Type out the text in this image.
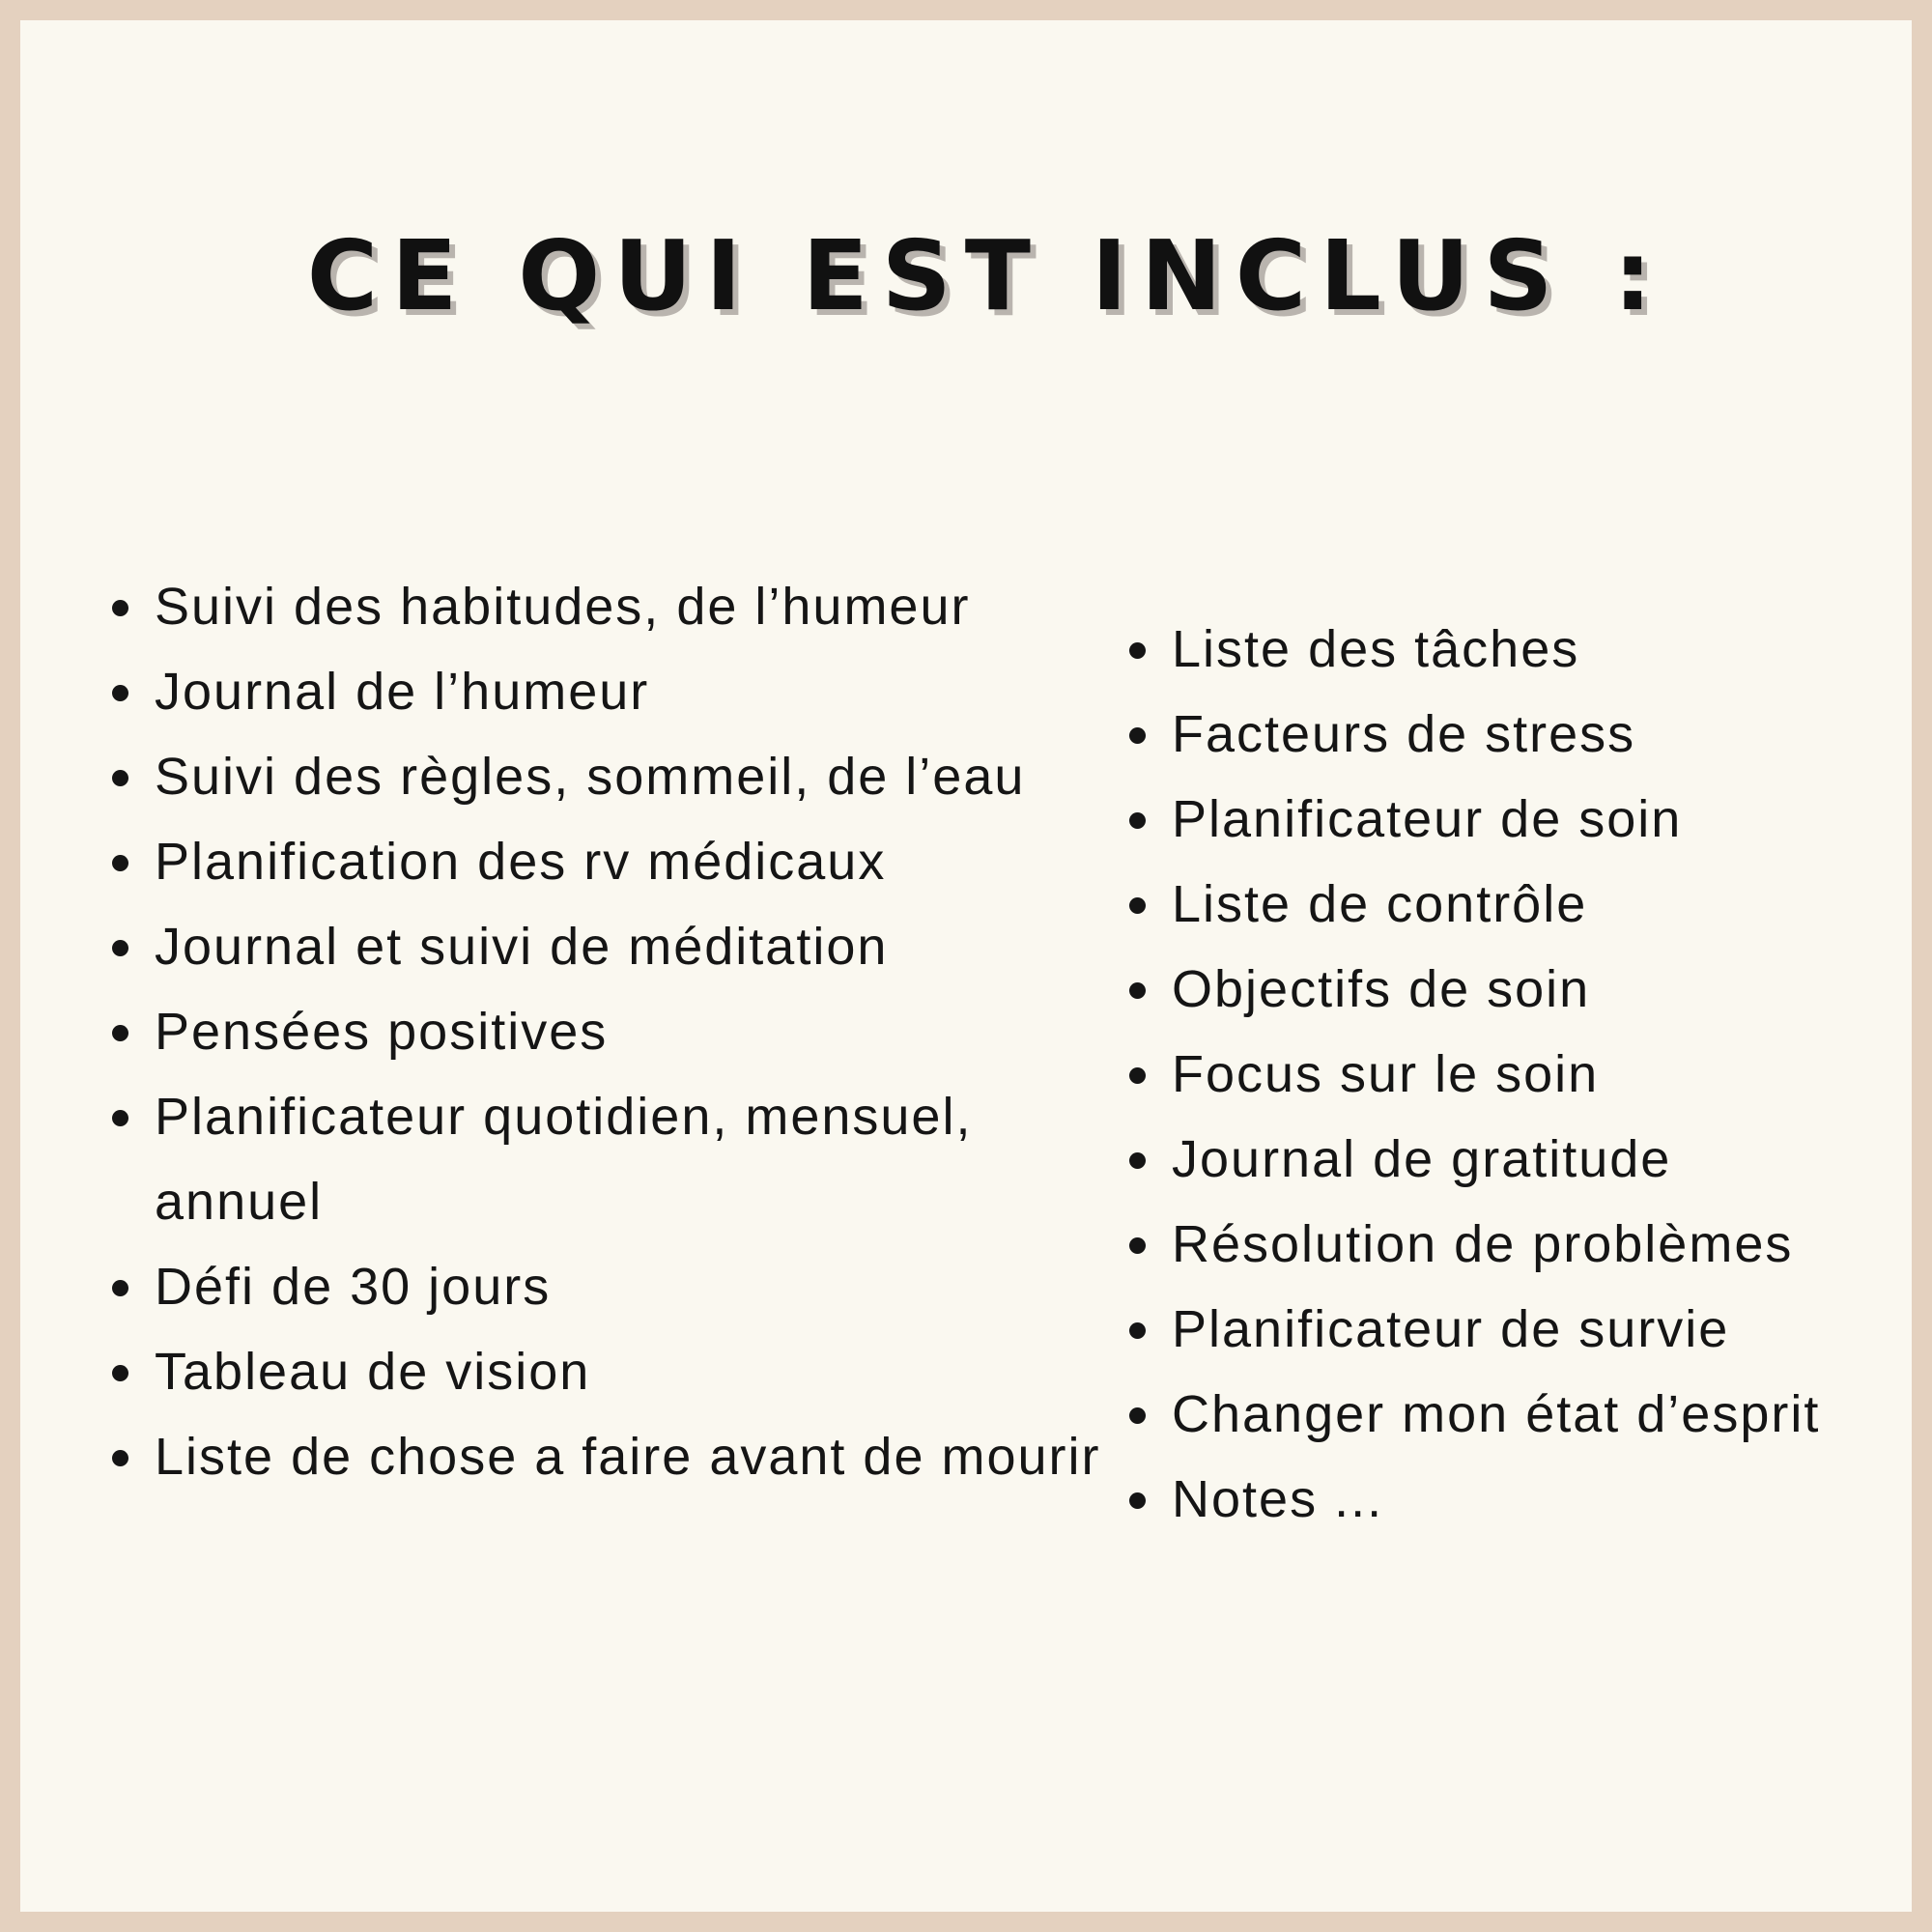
CE QUI EST INCLUS :
Suivi des habitudes, de l’humeur
Journal de l’humeur
Suivi des règles, sommeil, de l’eau
Planification des rv médicaux
Journal et suivi de méditation
Pensées positives
Planificateur quotidien, mensuel, annuel
Défi de 30 jours
Tableau de vision
Liste de chose a faire avant de mourir
Liste des tâches
Facteurs de stress
Planificateur de soin
Liste de contrôle
Objectifs de soin
Focus sur le soin
Journal de gratitude
Résolution de problèmes
Planificateur de survie
Changer mon état d’esprit
Notes ...
